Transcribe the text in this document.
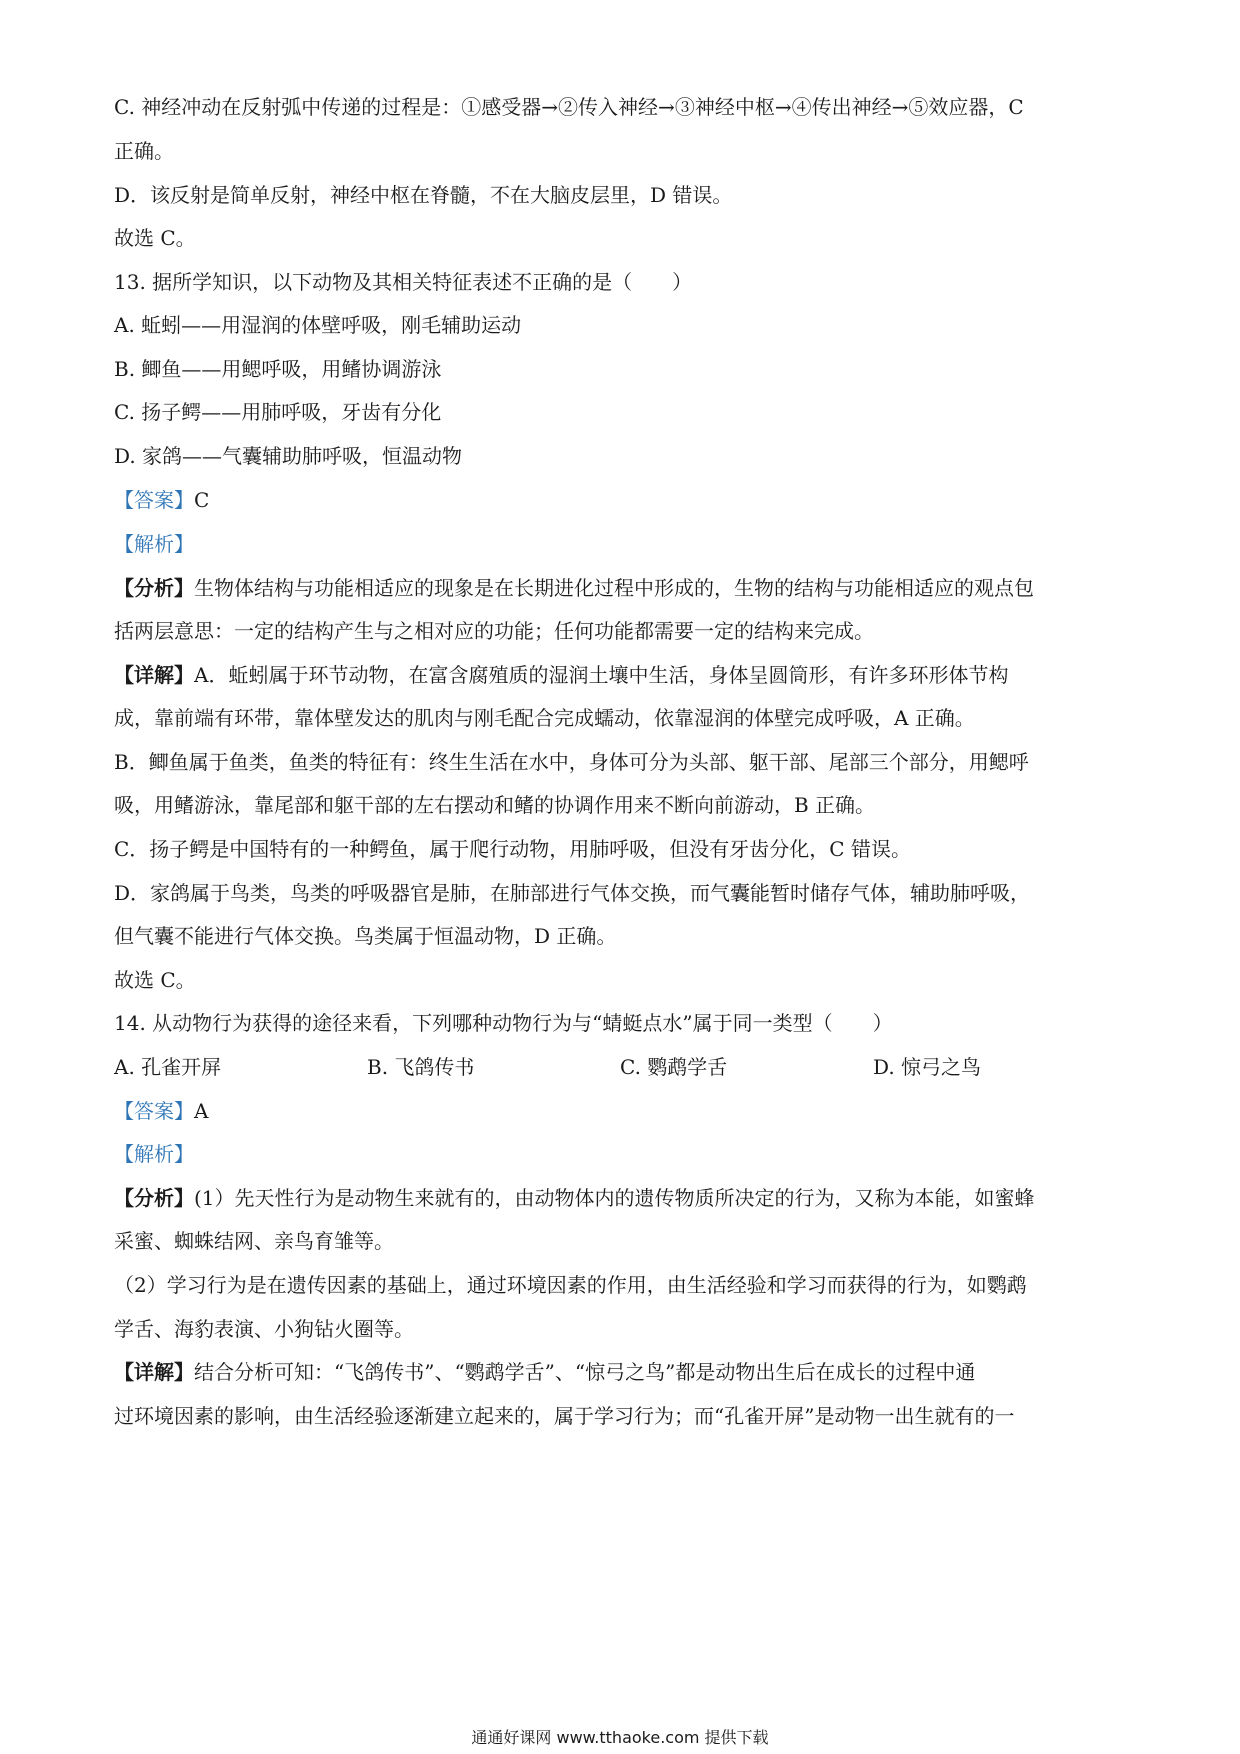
C. 神经冲动在反射弧中传递的过程是：①感受器→②传入神经→③神经中枢→④传出神经→⑤效应器，C
正确。
D．该反射是简单反射，神经中枢在脊髓，不在大脑皮层里，D 错误。
故选 C。
13. 据所学知识，以下动物及其相关特征表述不正确的是（　　）
A. 蚯蚓——用湿润的体壁呼吸，刚毛辅助运动
B. 鲫鱼——用鳃呼吸，用鳍协调游泳
C. 扬子鳄——用肺呼吸，牙齿有分化
D. 家鸽——气囊辅助肺呼吸，恒温动物
【答案】C
【解析】
【分析】生物体结构与功能相适应的现象是在长期进化过程中形成的，生物的结构与功能相适应的观点包
括两层意思：一定的结构产生与之相对应的功能；任何功能都需要一定的结构来完成。
【详解】A．蚯蚓属于环节动物，在富含腐殖质的湿润土壤中生活，身体呈圆筒形，有许多环形体节构
成，靠前端有环带，靠体壁发达的肌肉与刚毛配合完成蠕动，依靠湿润的体壁完成呼吸，A 正确。
B．鲫鱼属于鱼类，鱼类的特征有：终生生活在水中，身体可分为头部、躯干部、尾部三个部分，用鳃呼
吸，用鳍游泳，靠尾部和躯干部的左右摆动和鳍的协调作用来不断向前游动，B 正确。
C．扬子鳄是中国特有的一种鳄鱼，属于爬行动物，用肺呼吸，但没有牙齿分化，C 错误。
D．家鸽属于鸟类，鸟类的呼吸器官是肺，在肺部进行气体交换，而气囊能暂时储存气体，辅助肺呼吸，
但气囊不能进行气体交换。鸟类属于恒温动物，D 正确。
故选 C。
14. 从动物行为获得的途径来看，下列哪种动物行为与“蜻蜓点水”属于同一类型（　　）
A. 孔雀开屏	B. 飞鸽传书	C. 鹦鹉学舌	D. 惊弓之鸟
【答案】A
【解析】
【分析】(1）先天性行为是动物生来就有的，由动物体内的遗传物质所决定的行为，又称为本能，如蜜蜂
采蜜、蜘蛛结网、亲鸟育雏等。
（2）学习行为是在遗传因素的基础上，通过环境因素的作用，由生活经验和学习而获得的行为，如鹦鹉
学舌、海豹表演、小狗钻火圈等。
【详解】结合分析可知：“飞鸽传书”、“鹦鹉学舌”、“惊弓之鸟”都是动物出生后在成长的过程中通
过环境因素的影响，由生活经验逐渐建立起来的，属于学习行为；而“孔雀开屏”是动物一出生就有的一
通通好课网 www.tthaoke.com 提供下载
